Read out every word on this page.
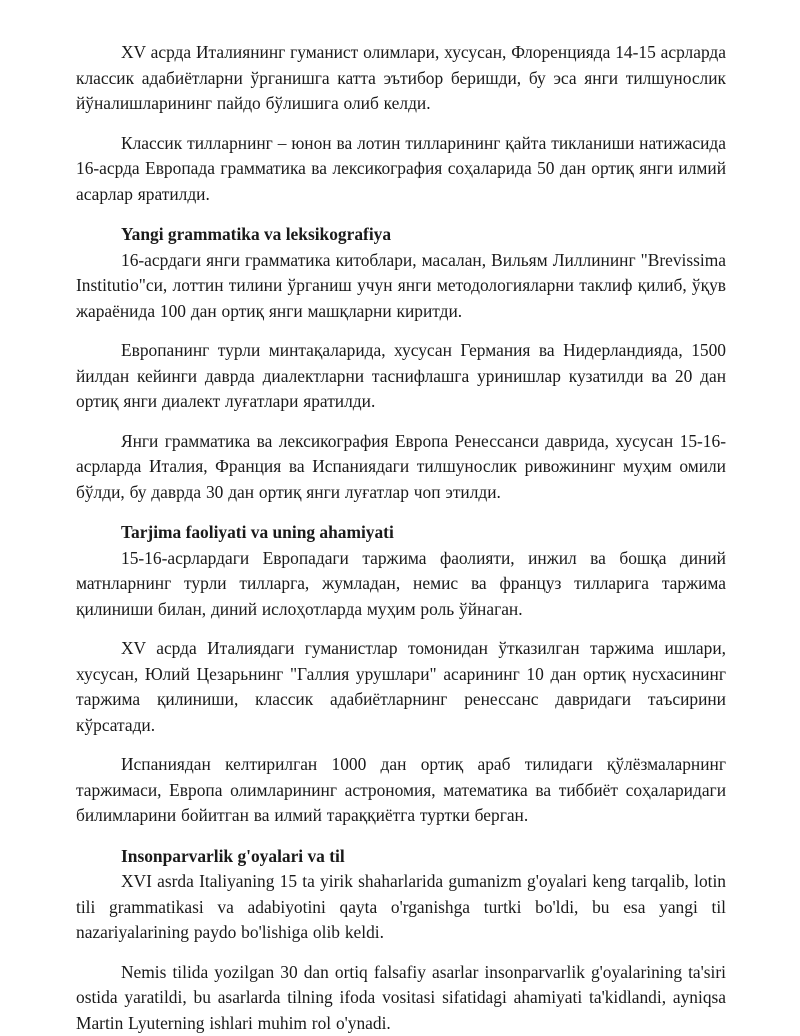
XV асрда Италиянинг гуманист олимлари, хусусан, Флоренцияда 14-15 асрларда классик адабиётларни ўрганишга катта эътибор беришди, бу эса янги тилшунослик йўналишларининг пайдо бўлишига олиб келди.

Классик тилларнинг – юнон ва лотин тилларининг қайта тикланиши натижасида 16-асрда Европада грамматика ва лексикография соҳаларида 50 дан ортиқ янги илмий асарлар яратилди.

Yangi grammatika va leksikografiya

16-асрдаги янги грамматика китоблари, масалан, Вильям Лиллининг "Brevissima Institutio"си, лоттин тилини ўрганиш учун янги методологияларни таклиф қилиб, ўқув жараёнида 100 дан ортиқ янги машқларни киритди.

Европанинг турли минтақаларида, хусусан Германия ва Нидерландияда, 1500 йилдан кейинги даврда диалектларни таснифлашга уринишлар кузатилди ва 20 дан ортиқ янги диалект луғатлари яратилди.

Янги грамматика ва лексикография Европа Ренессанси даврида, хусусан 15-16-асрларда Италия, Франция ва Испаниядаги тилшунослик ривожининг муҳим омили бўлди, бу даврда 30 дан ортиқ янги луғатлар чоп этилди.

Tarjima faoliyati va uning ahamiyati

15-16-асрлардаги Европадаги таржима фаолияти, инжил ва бошқа диний матнларнинг турли тилларга, жумладан, немис ва француз тилларига таржима қилиниши билан, диний ислоҳотларда муҳим роль ўйнаган.

XV асрда Италиядаги гуманистлар томонидан ўтказилган таржима ишлари, хусусан, Юлий Цезарьнинг "Галлия урушлари" асарининг 10 дан ортиқ нусхасининг таржима қилиниши, классик адабиётларнинг ренессанс давридаги таъсирини кўрсатади.

Испаниядан келтирилган 1000 дан ортиқ араб тилидаги қўлёзмаларнинг таржимаси, Европа олимларининг астрономия, математика ва тиббиёт соҳаларидаги билимларини бойитган ва илмий тараққиётга туртки берган.

Insonparvarlik g'oyalari va til

XVI asrda Italiyaning 15 ta yirik shaharlarida gumanizm g'oyalari keng tarqalib, lotin tili grammatikasi va adabiyotini qayta o'rganishga turtki bo'ldi, bu esa yangi til nazariyalarining paydo bo'lishiga olib keldi.

Nemis tilida yozilgan 30 dan ortiq falsafiy asarlar insonparvarlik g'oyalarining ta'siri ostida yaratildi, bu asarlarda tilning ifoda vositasi sifatidagi ahamiyati ta'kidlandi, ayniqsa Martin Lyuterning ishlari muhim rol o'ynadi.
